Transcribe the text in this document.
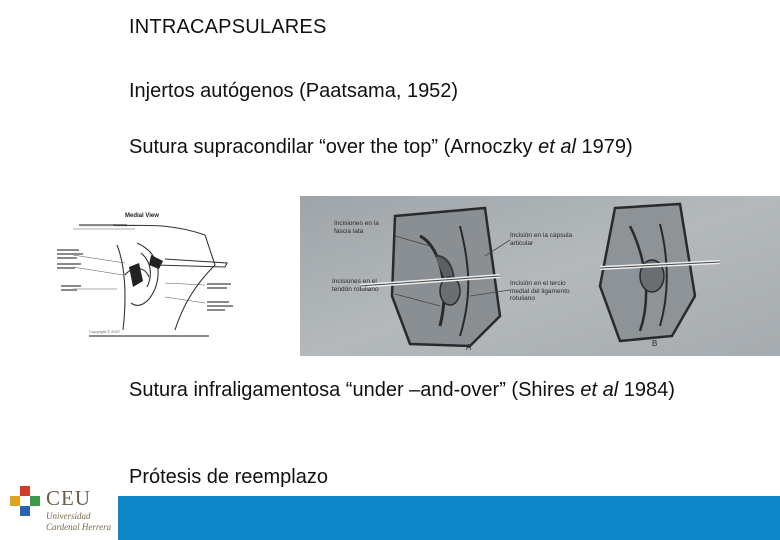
INTRACAPSULARES
Injertos autógenos (Paatsama, 1952)
Sutura supracondilar “over the top” (Arnoczky et al 1979)
Medial View
Copyright © 2007 ...
Incisiones en la fascia lata
Incisiones en el tendón rotuliano
Incisión en la cápsula articular
Incisión en el tercio medial del ligamento rotuliano
A	B
Sutura infraligamentosa “under –and-over” (Shires et al 1984)
Prótesis de reemplazo
CEU
Universidad
Cardenal Herrera
